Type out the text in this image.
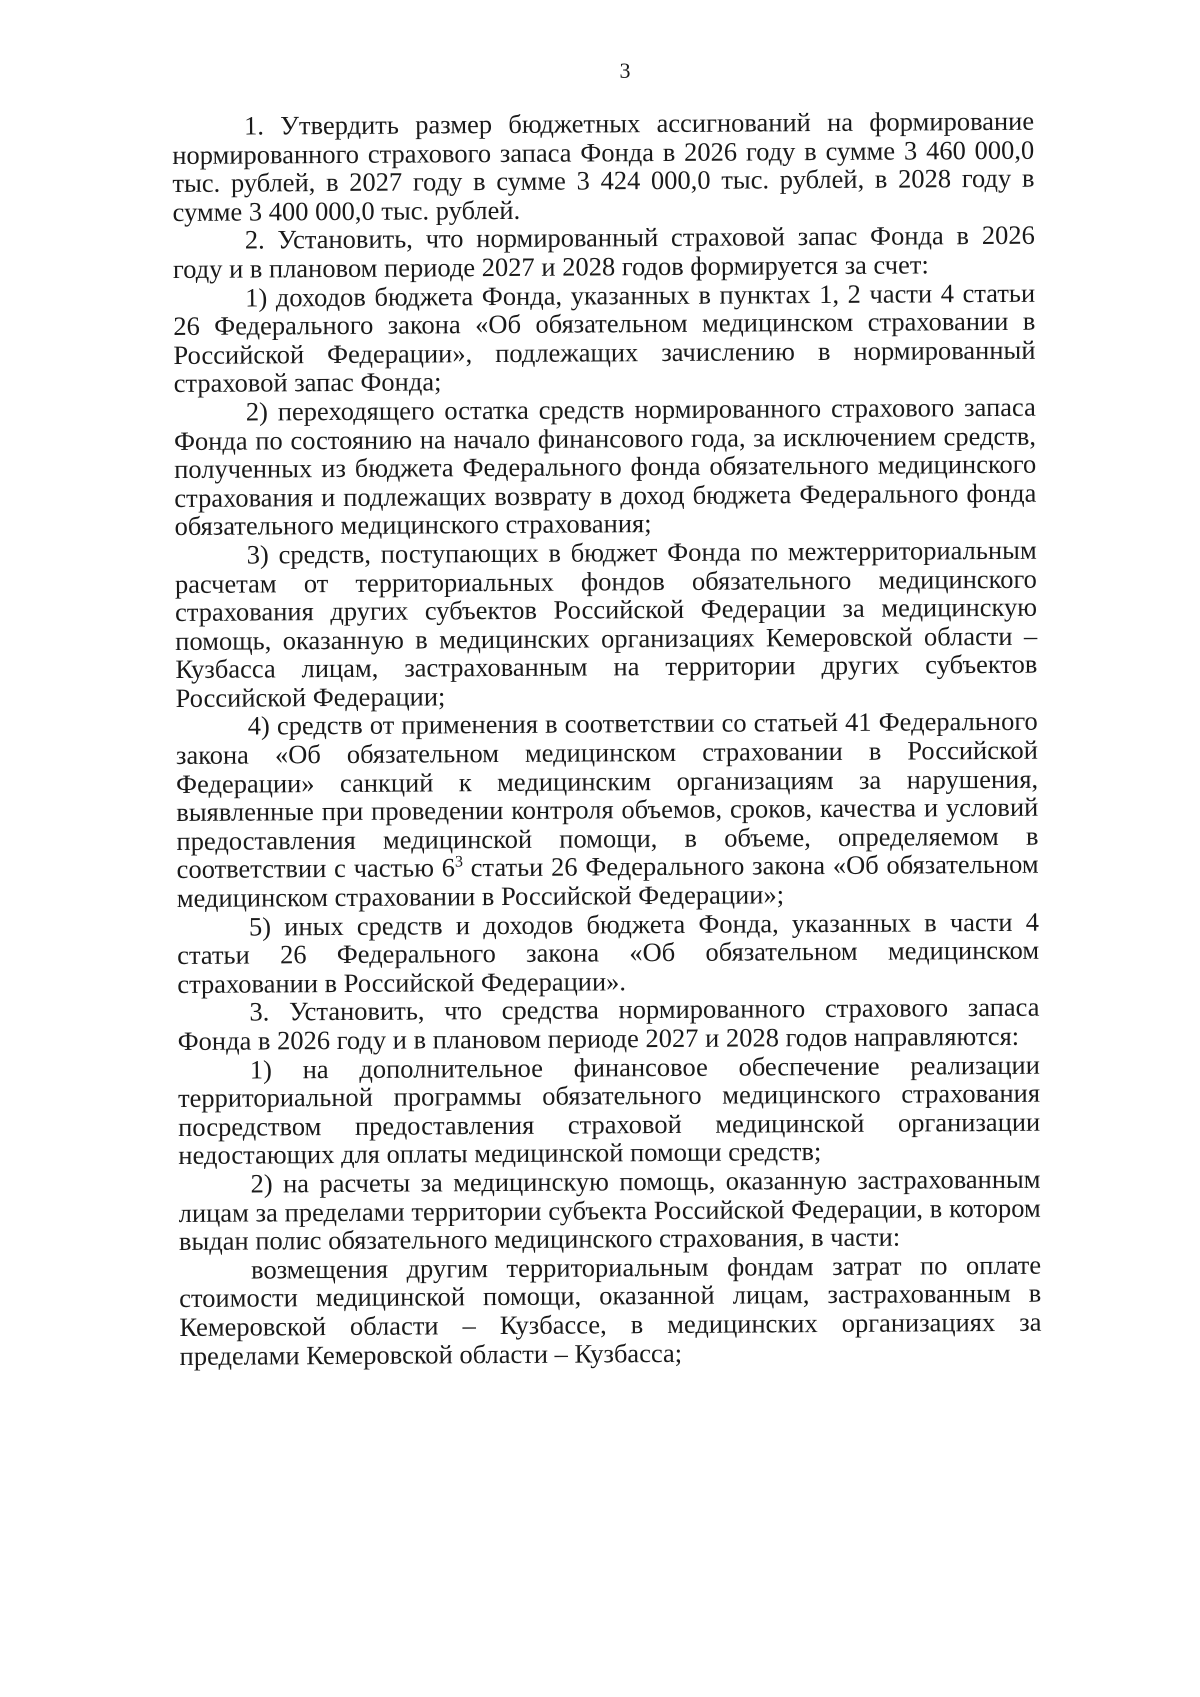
3

1. Утвердить размер бюджетных ассигнований на формирование нормированного страхового запаса Фонда в 2026 году в сумме 3 460 000,0 тыс. рублей, в 2027 году в сумме 3 424 000,0 тыс. рублей, в 2028 году в сумме 3 400 000,0 тыс. рублей.

2. Установить, что нормированный страховой запас Фонда в 2026 году и в плановом периоде 2027 и 2028 годов формируется за счет:

1) доходов бюджета Фонда, указанных в пунктах 1, 2 части 4 статьи 26 Федерального закона «Об обязательном медицинском страховании в Российской Федерации», подлежащих зачислению в нормированный страховой запас Фонда;

2) переходящего остатка средств нормированного страхового запаса Фонда по состоянию на начало финансового года, за исключением средств, полученных из бюджета Федерального фонда обязательного медицинского страхования и подлежащих возврату в доход бюджета Федерального фонда обязательного медицинского страхования;

3) средств, поступающих в бюджет Фонда по межтерриториальным расчетам от территориальных фондов обязательного медицинского страхования других субъектов Российской Федерации за медицинскую помощь, оказанную в медицинских организациях Кемеровской области – Кузбасса лицам, застрахованным на территории других субъектов Российской Федерации;

4) средств от применения в соответствии со статьей 41 Федерального закона «Об обязательном медицинском страховании в Российской Федерации» санкций к медицинским организациям за нарушения, выявленные при проведении контроля объемов, сроков, качества и условий предоставления медицинской помощи, в объеме, определяемом в соответствии с частью $6^3$ статьи 26 Федерального закона «Об обязательном медицинском страховании в Российской Федерации»;

5) иных средств и доходов бюджета Фонда, указанных в части 4 статьи 26 Федерального закона «Об обязательном медицинском страховании в Российской Федерации».

3. Установить, что средства нормированного страхового запаса Фонда в 2026 году и в плановом периоде 2027 и 2028 годов направляются:

1) на дополнительное финансовое обеспечение реализации территориальной программы обязательного медицинского страхования посредством предоставления страховой медицинской организации недостающих для оплаты медицинской помощи средств;

2) на расчеты за медицинскую помощь, оказанную застрахованным лицам за пределами территории субъекта Российской Федерации, в котором выдан полис обязательного медицинского страхования, в части:

возмещения другим территориальным фондам затрат по оплате стоимости медицинской помощи, оказанной лицам, застрахованным в Кемеровской области – Кузбассе, в медицинских организациях за пределами Кемеровской области – Кузбасса;
